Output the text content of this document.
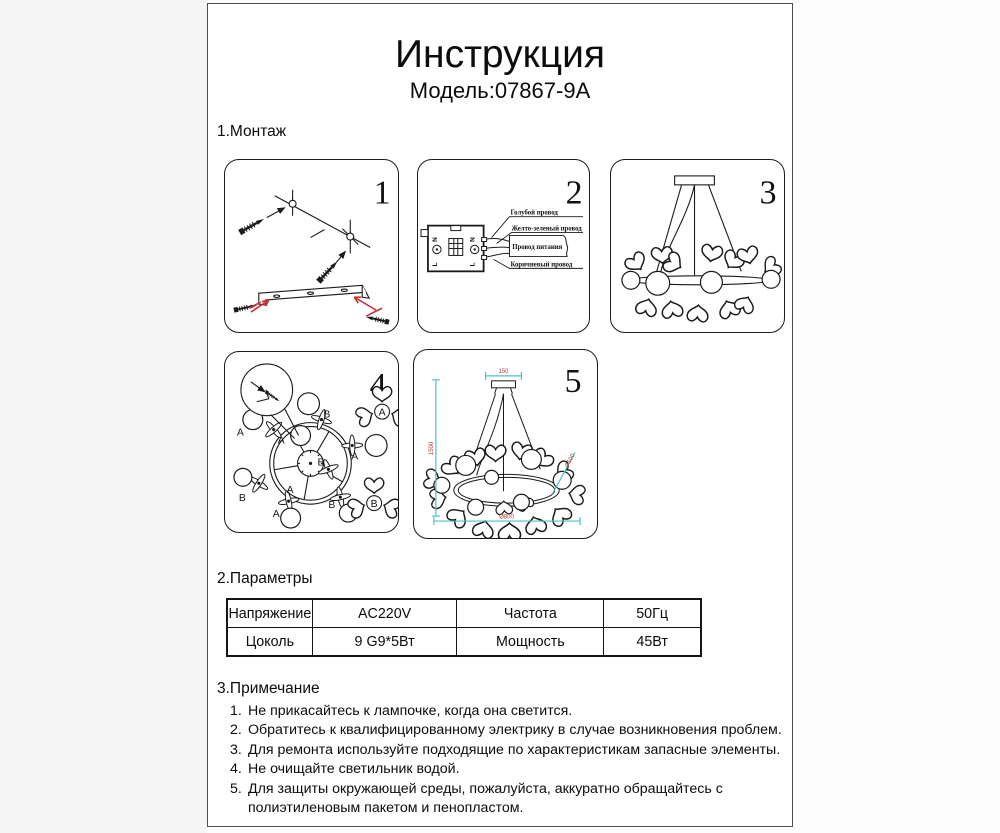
Инструкция
Модель:07867-9A
1.Монтаж
1	2
N
L
N
L
Провод питания
Голубой провод
Желто-зеленый провод
Коричневый провод
3
4
A
A
B
A
B
B
A
B
A
A
B
5
150
1500
Ø800
Ø100
2.Параметры
Напряжение	AC220V	Частота	50Гц
Цоколь	9 G9*5Вт	Мощность	45Вт
3.Примечание
1. Не прикасайтесь к лампочке, когда она светится.
2. Обратитесь к квалифицированному электрику в случае возникновения проблем.
3. Для ремонта используйте подходящие по характеристикам запасные элементы.
4. Не очищайте светильник водой.
5. Для защиты окружающей среды, пожалуйста, аккуратно обращайтесь с полиэтиленовым пакетом и пенопластом.
